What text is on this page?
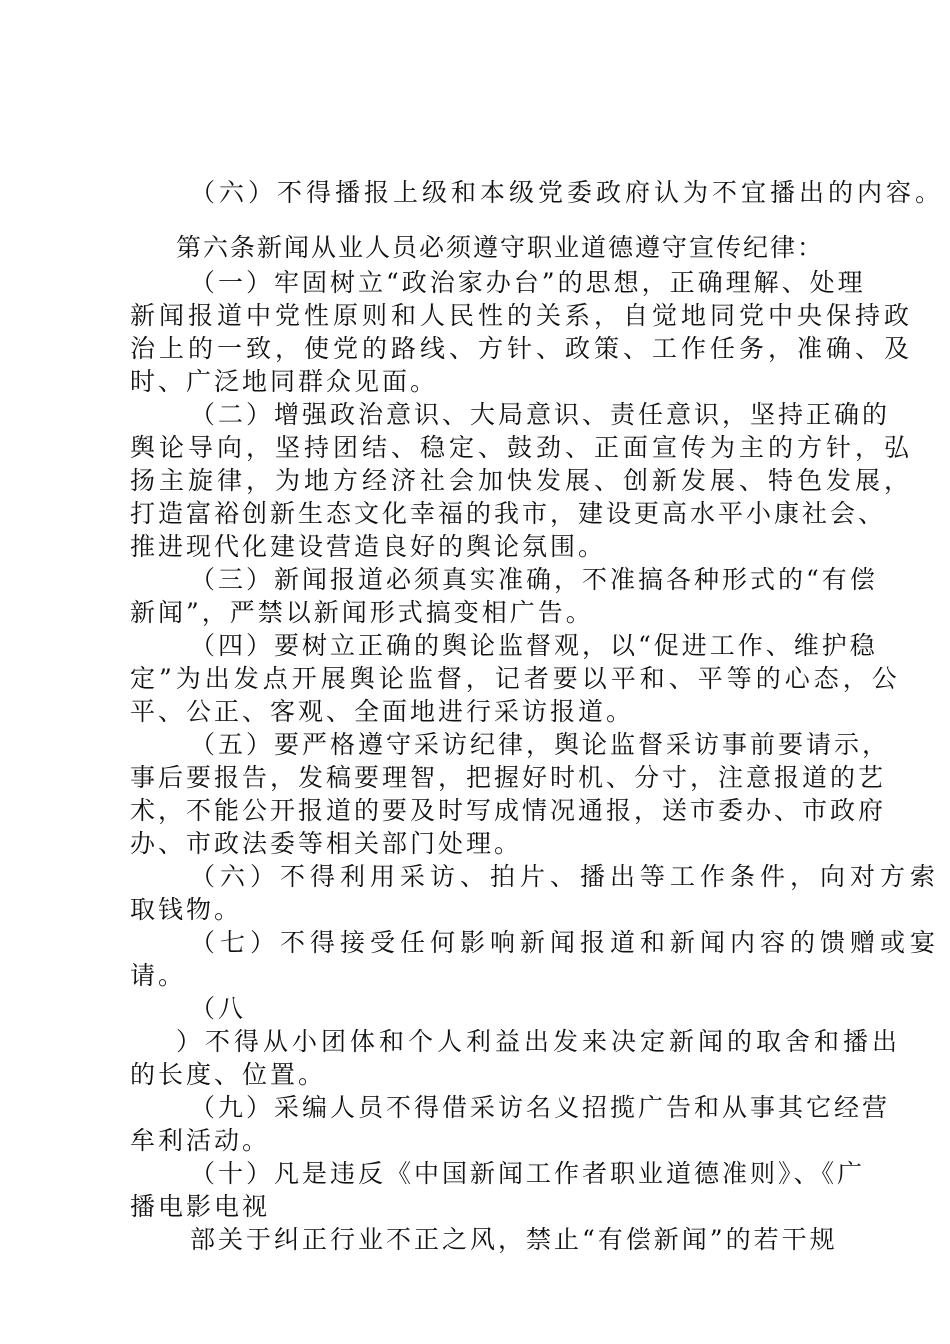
（六）不得播报上级和本级党委政府认为不宜播出的内容。
第六条新闻从业人员必须遵守职业道德遵守宣传纪律：
（一）牢固树立“政治家办台”的思想，正确理解、处理
新闻报道中党性原则和人民性的关系，自觉地同党中央保持政
治上的一致，使党的路线、方针、政策、工作任务，准确、及
时、广泛地同群众见面。
（二）增强政治意识、大局意识、责任意识，坚持正确的
舆论导向，坚持团结、稳定、鼓劲、正面宣传为主的方针，弘
扬主旋律，为地方经济社会加快发展、创新发展、特色发展，
打造富裕创新生态文化幸福的我市，建设更高水平小康社会、
推进现代化建设营造良好的舆论氛围。
（三）新闻报道必须真实准确，不准搞各种形式的“有偿
新闻”，严禁以新闻形式搞变相广告。
（四）要树立正确的舆论监督观，以“促进工作、维护稳
定”为出发点开展舆论监督，记者要以平和、平等的心态，公
平、公正、客观、全面地进行采访报道。
（五）要严格遵守采访纪律，舆论监督采访事前要请示，
事后要报告，发稿要理智，把握好时机、分寸，注意报道的艺
术，不能公开报道的要及时写成情况通报，送市委办、市政府
办、市政法委等相关部门处理。
（六）不得利用采访、拍片、播出等工作条件，向对方索
取钱物。
（七）不得接受任何影响新闻报道和新闻内容的馈赠或宴
请。
（八
）不得从小团体和个人利益出发来决定新闻的取舍和播出
的长度、位置。
（九）采编人员不得借采访名义招揽广告和从事其它经营
牟利活动。
（十）凡是违反《中国新闻工作者职业道德准则》、《广
播电影电视
部关于纠正行业不正之风，禁止“有偿新闻”的若干规
